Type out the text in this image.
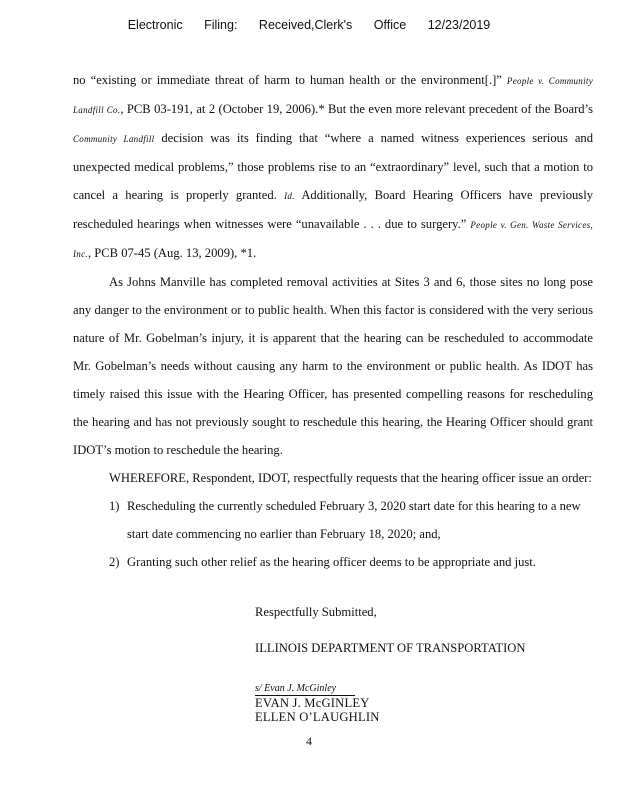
Electronic Filing: Received,Clerk's Office 12/23/2019

no “existing or immediate threat of harm to human health or the environment[.]” People v. Community Landfill Co., PCB 03-191, at 2 (October 19, 2006).* But the even more relevant precedent of the Board’s Community Landfill decision was its finding that “where a named witness experiences serious and unexpected medical problems,” those problems rise to an “extraordinary” level, such that a motion to cancel a hearing is properly granted. Id. Additionally, Board Hearing Officers have previously rescheduled hearings when witnesses were “unavailable . . . due to surgery.” People v. Gen. Waste Services, Inc., PCB 07-45 (Aug. 13, 2009), *1.

As Johns Manville has completed removal activities at Sites 3 and 6, those sites no long pose any danger to the environment or to public health. When this factor is considered with the very serious nature of Mr. Gobelman’s injury, it is apparent that the hearing can be rescheduled to accommodate Mr. Gobelman’s needs without causing any harm to the environment or public health. As IDOT has timely raised this issue with the Hearing Officer, has presented compelling reasons for rescheduling the hearing and has not previously sought to reschedule this hearing, the Hearing Officer should grant IDOT’s motion to reschedule the hearing.

WHEREFORE, Respondent, IDOT, respectfully requests that the hearing officer issue an order:

1) Rescheduling the currently scheduled February 3, 2020 start date for this hearing to a new start date commencing no earlier than February 18, 2020; and,
2) Granting such other relief as the hearing officer deems to be appropriate and just.
Respectfully Submitted,
ILLINOIS DEPARTMENT OF TRANSPORTATION
s/ Evan J. McGinley
EVAN J. McGINLEY
ELLEN O’LAUGHLIN
4
